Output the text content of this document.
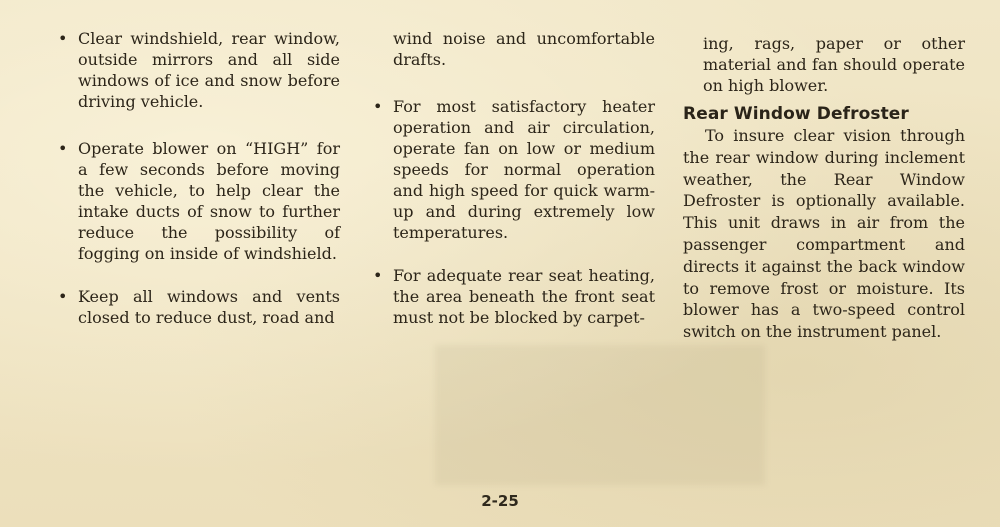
• Clear windshield, rear window, outside mirrors and all side windows of ice and snow before driving vehicle.
• Operate blower on “HIGH” for a few seconds before moving the vehicle, to help clear the intake ducts of snow to further reduce the possibility of fogging on inside of windshield.
• Keep all windows and vents closed to reduce dust, road and
wind noise and uncomfortable drafts.
• For most satisfactory heater operation and air circulation, operate fan on low or medium speeds for normal operation and high speed for quick warm-up and during extremely low temperatures.
• For adequate rear seat heating, the area beneath the front seat must not be blocked by carpet-
ing, rags, paper or other material and fan should operate on high blower.
Rear Window Defroster
To insure clear vision through the rear window during inclement weather, the Rear Window Defroster is optionally available. This unit draws in air from the passenger compartment and directs it against the back window to remove frost or moisture. Its blower has a two-speed control switch on the instrument panel.
2-25
